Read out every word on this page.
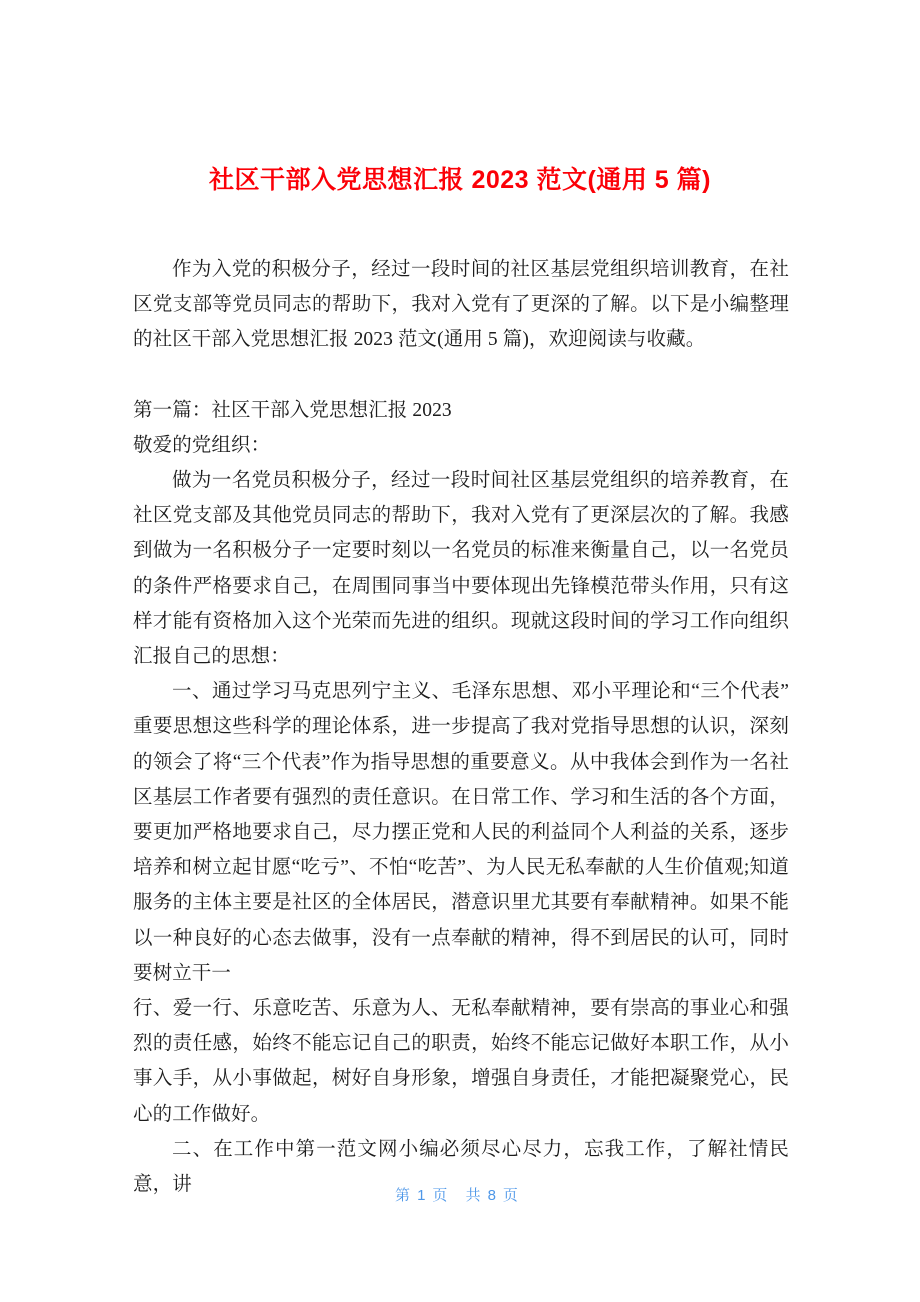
社区干部入党思想汇报 2023 范文(通用 5 篇)

作为入党的积极分子，经过一段时间的社区基层党组织培训教育，在社区党支部等党员同志的帮助下，我对入党有了更深的了解。以下是小编整理的社区干部入党思想汇报 2023 范文(通用 5 篇)，欢迎阅读与收藏。

第一篇：社区干部入党思想汇报 2023

敬爱的党组织：

做为一名党员积极分子，经过一段时间社区基层党组织的培养教育，在社区党支部及其他党员同志的帮助下，我对入党有了更深层次的了解。我感到做为一名积极分子一定要时刻以一名党员的标准来衡量自己，以一名党员的条件严格要求自己，在周围同事当中要体现出先锋模范带头作用，只有这样才能有资格加入这个光荣而先进的组织。现就这段时间的学习工作向组织汇报自己的思想：

一、通过学习马克思列宁主义、毛泽东思想、邓小平理论和“三个代表”重要思想这些科学的理论体系，进一步提高了我对党指导思想的认识，深刻的领会了将“三个代表”作为指导思想的重要意义。从中我体会到作为一名社区基层工作者要有强烈的责任意识。在日常工作、学习和生活的各个方面，要更加严格地要求自己，尽力摆正党和人民的利益同个人利益的关系，逐步培养和树立起甘愿“吃亏”、不怕“吃苦”、为人民无私奉献的人生价值观;知道服务的主体主要是社区的全体居民，潜意识里尤其要有奉献精神。如果不能以一种良好的心态去做事，没有一点奉献的精神，得不到居民的认可，同时要树立干一

行、爱一行、乐意吃苦、乐意为人、无私奉献精神，要有崇高的事业心和强烈的责任感，始终不能忘记自己的职责，始终不能忘记做好本职工作，从小事入手，从小事做起，树好自身形象，增强自身责任，才能把凝聚党心，民心的工作做好。

二、在工作中第一范文网小编必须尽心尽力，忘我工作，了解社情民意，讲

第1页 共8页
